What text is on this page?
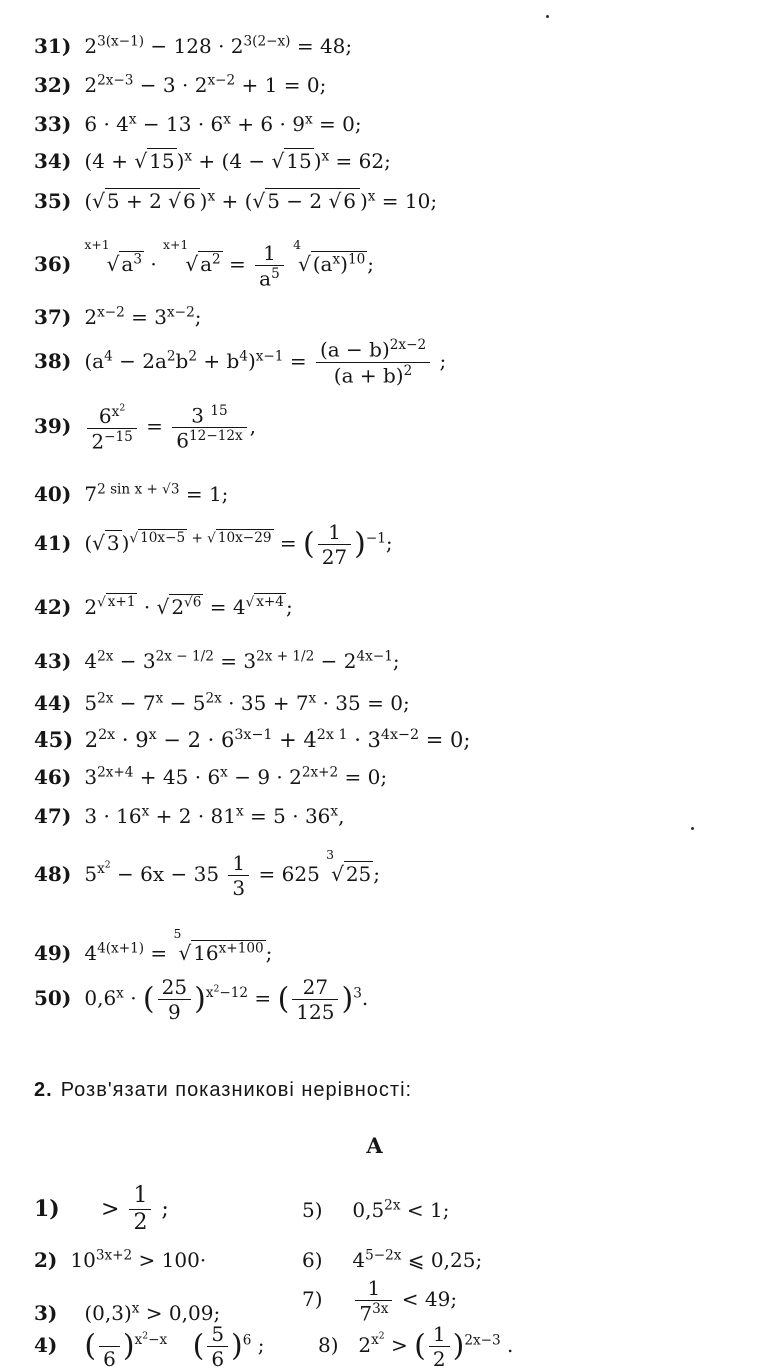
31) $2^{3(x-1)} - 128 \cdot 2^{3(2-x)} = 48$;
32) $2^{2x-3} - 3 \cdot 2^{x-2} + 1 = 0$;
33) $6 \cdot 4^x - 13 \cdot 6^x + 6 \cdot 9^x = 0$;
34) (4 + √ 15 )$^x$ + (4 − √ 15 )$^x$ = 62;
35) (√ 5 + 2 √ 6 )$^x$ + (√ 5 − 2 √ 6 )$^x$ = 10;
36) $^{x+1}$√ $a^3 \cdot ^{x+1}√$ $a^2 = \frac{1}{a^5} ^4√$ $(a^x)^{10}$ ;
37) $2^{x-2} = 3^{x-2}$;
38) $(a^4 - 2a^2b^2 + b^4)^{x-1} = \frac{(a - b)^{2x-2}}{(a + b)^2}$ ;
$39) \frac{6^{x^2}}{2^{-15}} = \frac{3 ^{15}}{6^{12-12x}}$ ,
40) $7^{2 sin x + √3} = 1$;
41) (√ 3 )$^{√ 10x-5 + √ 10x-29}$ = ( $\frac{1}{27} )^{-1}$;
42) $2^{√ x+1}$ · √ $2^{√6} = 4^{√ x+4}$ ;
43) $4^{2x} - 3^{2x - 1/2} = 3^{2x + 1/2} - 2^{4x-1}$;
44) $5^{2x} - 7^x - 5^{2x} \cdot 35 + 7^x \cdot 35 = 0$;
45) $2^{2x} \cdot 9^x - 2 \cdot 6^{3x-1} + 4^{2x 1} \cdot 3^{4x-2} = 0$;
46) $3^{2x+4} + 45 \cdot 6^x - 9 \cdot 2^{2x+2} = 0$;
47) $3 \cdot 16^x + 2 \cdot 81^x = 5 \cdot 36^x$,
48) $5^{x^2} - 6x - 35 \frac{1}{3} = 625$ $^3$√ 25 ;
49) $4^{4(x+1)} = ^5√$ $16^{x+100}$ ;
50) $0,6^x$ · ( $\frac{25}{9} )^{x^2-12}$ = ( $\frac{27}{125} )^3$.
2. Розв'язати показникові нерівності:
А
$1) > \frac{1}{2}$ ;
2) $10^{3x+2} > 100\cdot$
3) $(0,3)^x > 0,09$;
4) (
6 )$^{x^2-x}$ ( $\frac{5}{6} )^6$ ;
5) $0,5^{2x} < 1$;
6) $4^{5-2x}$ ⩽ 0,25;
$7) \frac{1}{7^{3x}} < 49$;
8) $2^{x^2}$ > ( $\frac{1}{2} )^{2x-3}$ .
